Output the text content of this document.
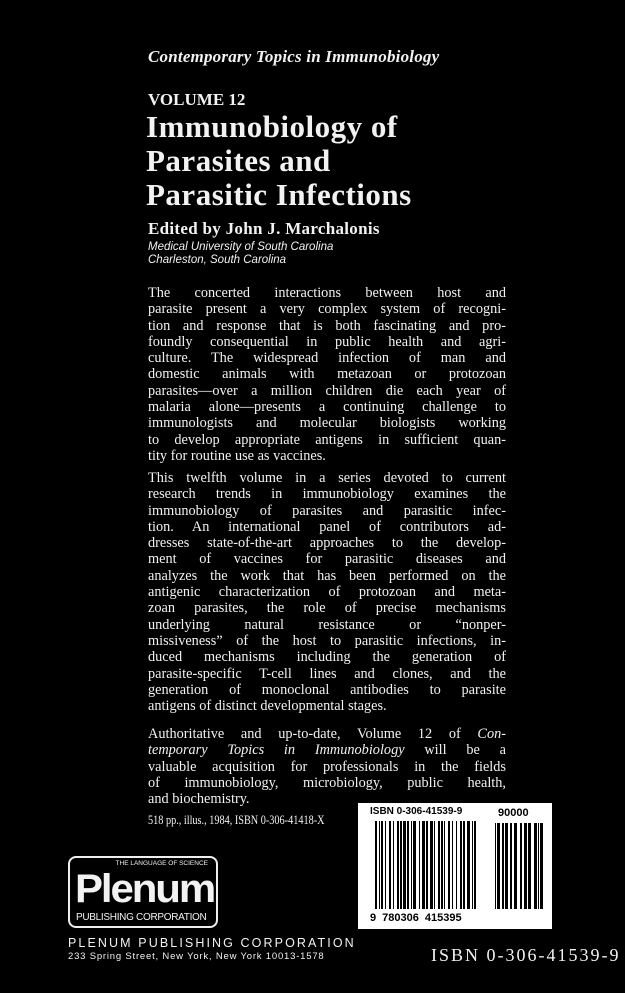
Contemporary Topics in Immunobiology
VOLUME 12
Immunobiology of
Parasites and
Parasitic Infections
Edited by John J. Marchalonis
Medical University of South Carolina
Charleston, South Carolina
The concerted interactions between host and
parasite present a very complex system of recogni-
tion and response that is both fascinating and pro-
foundly consequential in public health and agri-
culture. The widespread infection of man and
domestic animals with metazoan or protozoan
parasites—over a million children die each year of
malaria alone—presents a continuing challenge to
immunologists and molecular biologists working
to develop appropriate antigens in sufficient quan-
tity for routine use as vaccines.
This twelfth volume in a series devoted to current
research trends in immunobiology examines the
immunobiology of parasites and parasitic infec-
tion. An international panel of contributors ad-
dresses state-of-the-art approaches to the develop-
ment of vaccines for parasitic diseases and
analyzes the work that has been performed on the
antigenic characterization of protozoan and meta-
zoan parasites, the role of precise mechanisms
underlying natural resistance or “nonper-
missiveness” of the host to parasitic infections, in-
duced mechanisms including the generation of
parasite-specific T-cell lines and clones, and the
generation of monoclonal antibodies to parasite
antigens of distinct developmental stages.
Authoritative and up-to-date, Volume 12 of Con-
temporary Topics in Immunobiology will be a
valuable acquisition for professionals in the fields
of immunobiology, microbiology, public health,
and biochemistry.
518 pp., illus., 1984, ISBN 0-306-41418-X
THE LANGUAGE OF SCIENCE
Plenum
PUBLISHING CORPORATION
PLENUM PUBLISHING CORPORATION
233 Spring Street, New York, New York 10013-1578
ISBN 0-306-41539-9	90000
9 780306 415395
ISBN 0-306-41539-9
